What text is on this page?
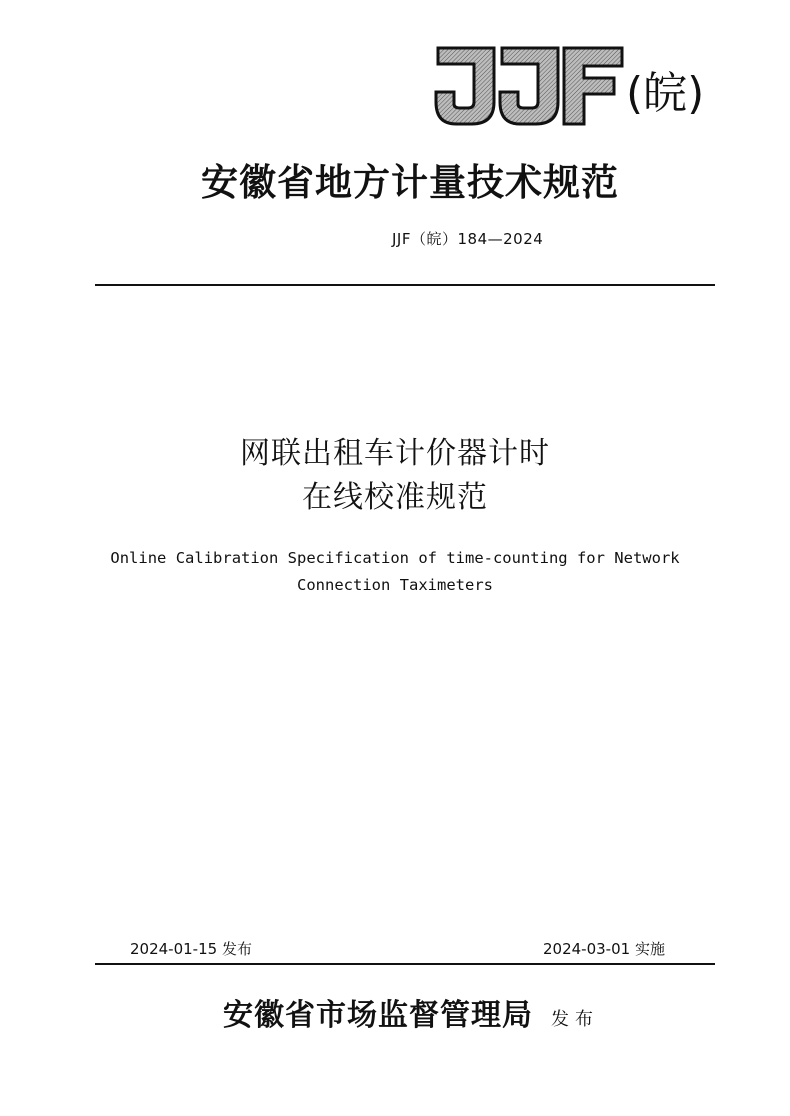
(皖)
安徽省地方计量技术规范
JJF（皖）184—2024
网联出租车计价器计时
在线校准规范
Online Calibration Specification of time-counting for Network
Connection Taximeters
2024-01-15 发布	2024-03-01 实施
安徽省市场监督管理局 发布
